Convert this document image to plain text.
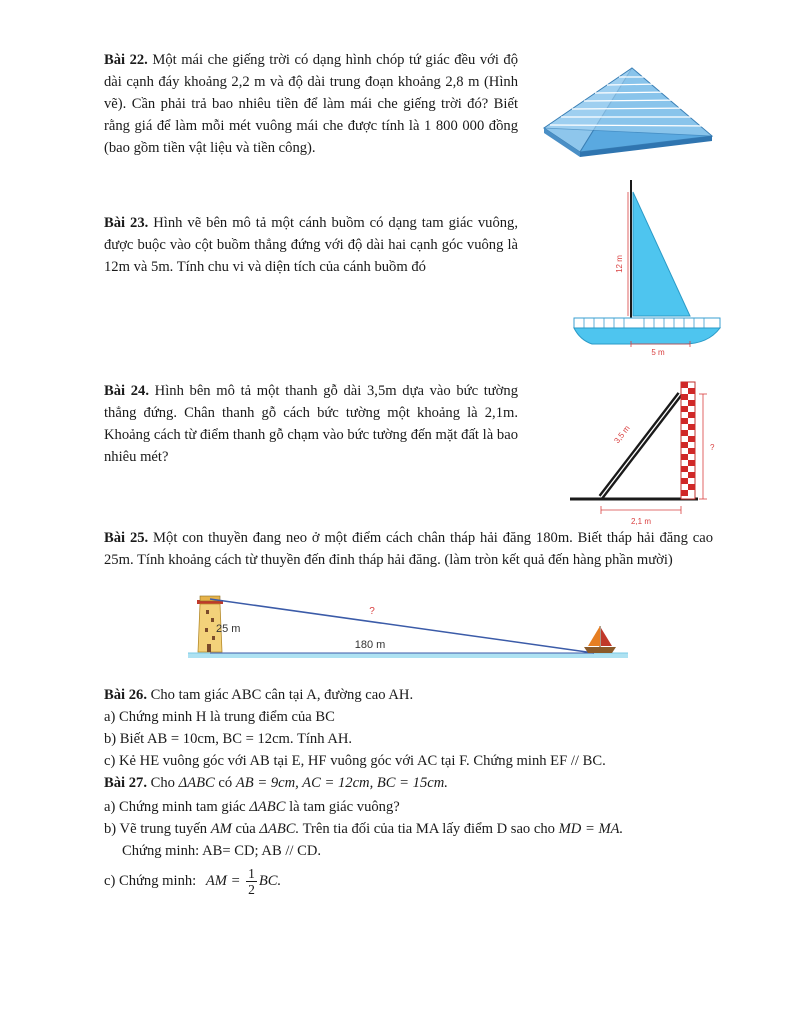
Bài 22. Một mái che giếng trời có dạng hình chóp tứ giác đều với độ dài cạnh đáy khoảng 2,2 m và độ dài trung đoạn khoảng 2,8 m (Hình vẽ). Cần phải trả bao nhiêu tiền để làm mái che giếng trời đó? Biết rằng giá để làm mỗi mét vuông mái che được tính là 1 800 000 đồng (bao gồm tiền vật liệu và tiền công).

Bài 23. Hình vẽ bên mô tả một cánh buồm có dạng tam giác vuông, được buộc vào cột buồm thẳng đứng với độ dài hai cạnh góc vuông là 12m và 5m. Tính chu vi và diện tích của cánh buồm đó	12 m
5 m

Bài 24. Hình bên mô tả một thanh gỗ dài 3,5m dựa vào bức tường thẳng đứng. Chân thanh gỗ cách bức tường một khoảng là 2,1m. Khoảng cách từ điểm thanh gỗ chạm vào bức tường đến mặt đất là bao nhiêu mét?

?
3,5 m
2,1 m

Bài 25. Một con thuyền đang neo ở một điểm cách chân tháp hải đăng 180m. Biết tháp hải đăng cao 25m. Tính khoảng cách từ thuyền đến đỉnh tháp hải đăng. (làm tròn kết quả đến hàng phần mười)

25 m
180 m
?

Bài 26. Cho tam giác ABC cân tại A, đường cao AH.

a) Chứng minh H là trung điểm của BC

b) Biết AB = 10cm, BC = 12cm. Tính AH.

c) Kẻ HE vuông góc với AB tại E, HF vuông góc với AC tại F. Chứng minh EF // BC.

Bài 27. Cho ΔABC có AB = 9cm, AC = 12cm, BC = 15cm.

a) Chứng minh tam giác ΔABC là tam giác vuông?

b) Vẽ trung tuyến AM của ΔABC. Trên tia đối của tia MA lấy điểm D sao cho MD = MA.

Chứng minh: AB= CD; AB // CD.

c) Chứng minh: AM = $\frac{1}{2}$ BC.
